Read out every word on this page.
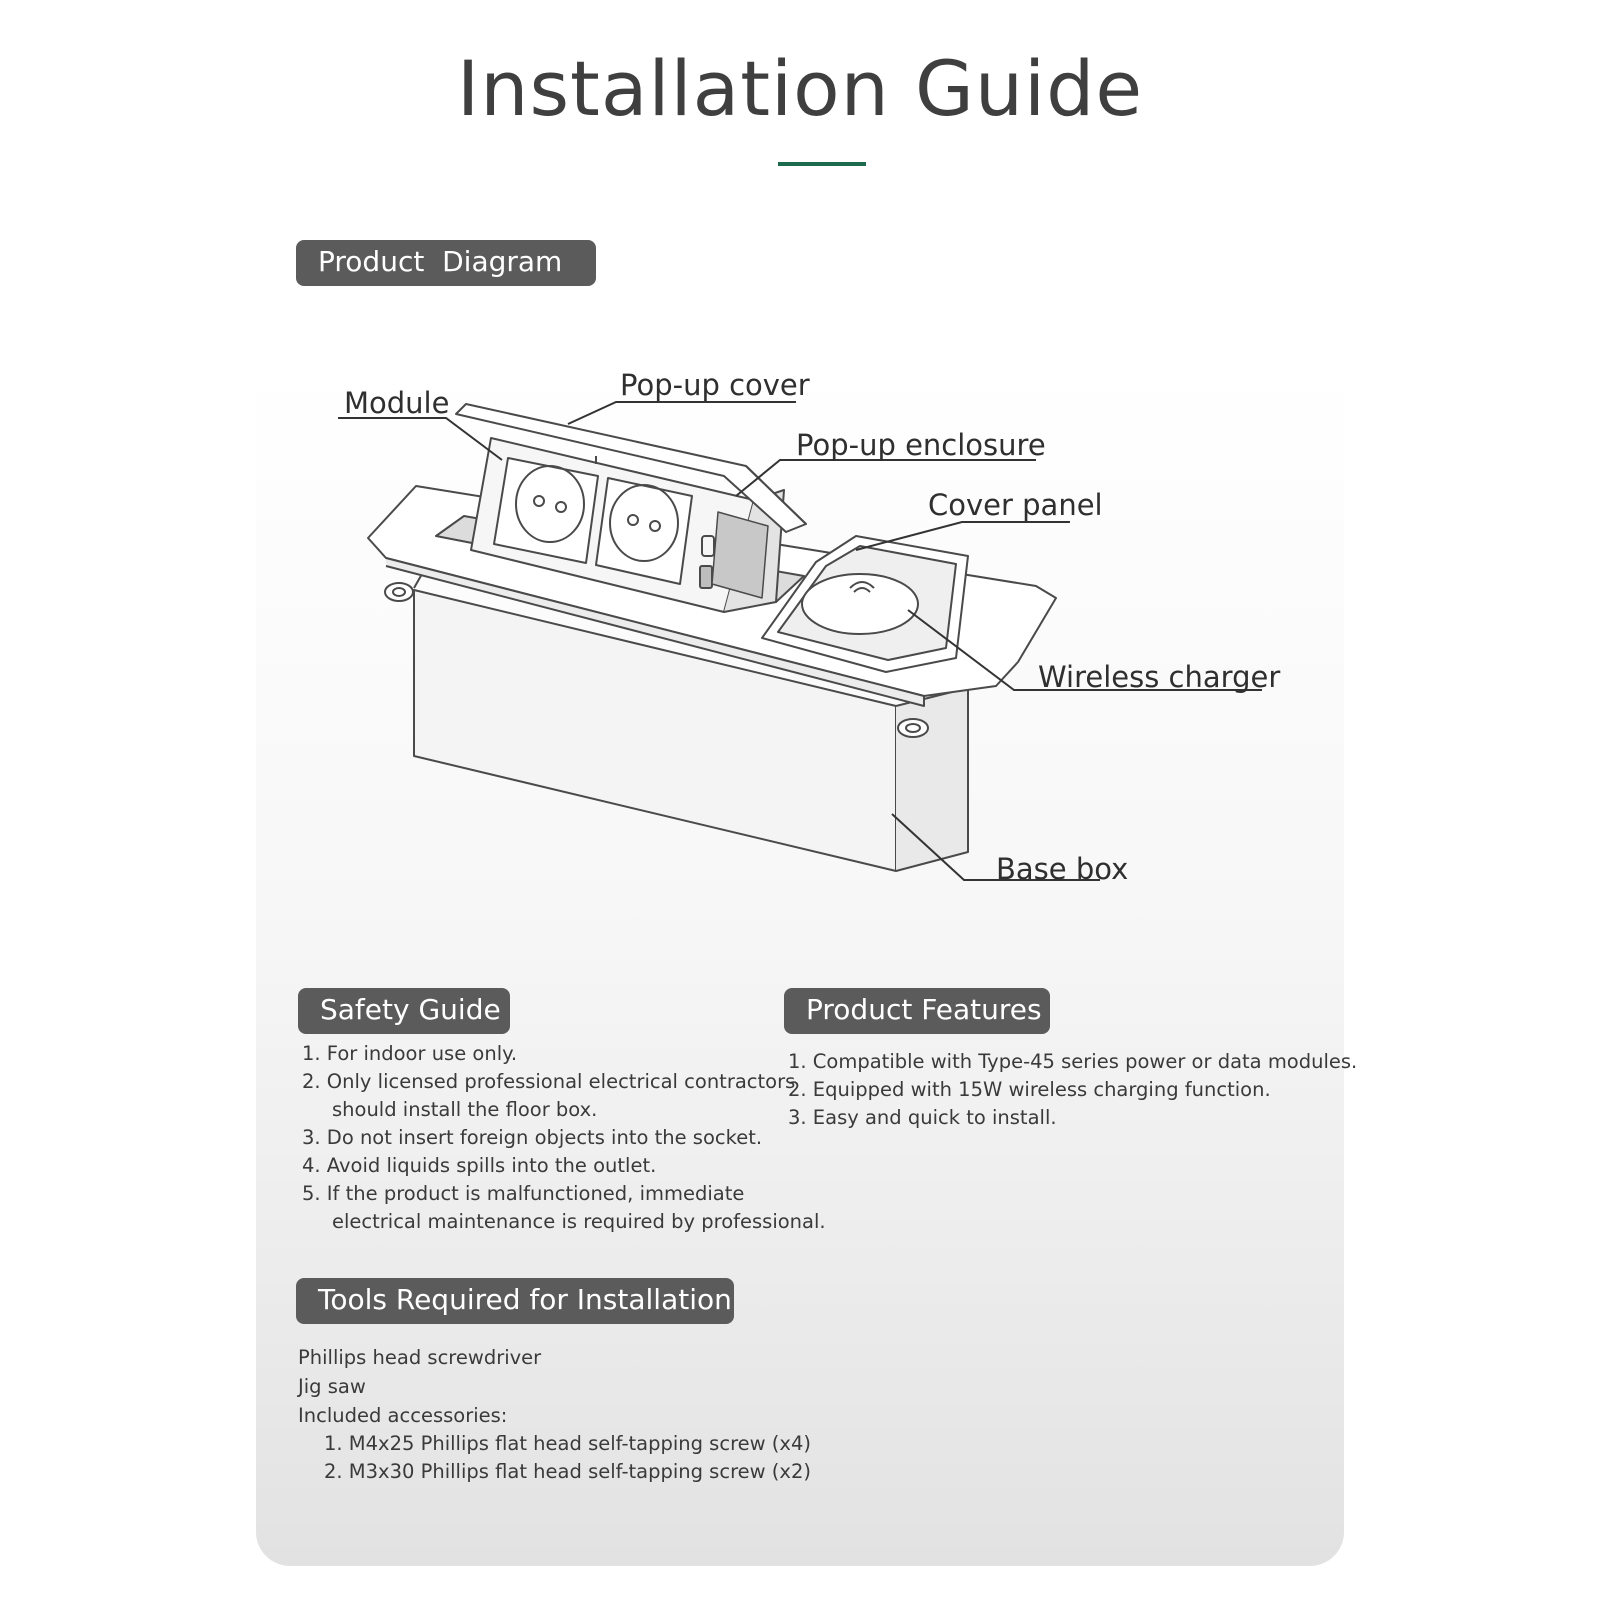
Installation Guide
Product  Diagram
Module
Pop-up cover
Pop-up enclosure
Cover panel
Wireless charger
Base box
Safety Guide
1. For indoor use only.
2. Only licensed professional electrical contractors
should install the floor box.
3. Do not insert foreign objects into the socket.
4. Avoid liquids spills into the outlet.
5. If the product is malfunctioned, immediate
electrical maintenance is required by professional.
Product Features
1. Compatible with Type-45 series power or data modules.
2. Equipped with 15W wireless charging function.
3. Easy and quick to install.
Tools Required for Installation
Phillips head screwdriver
Jig saw
Included accessories:
1. M4x25 Phillips flat head self-tapping screw (x4)
2. M3x30 Phillips flat head self-tapping screw (x2)
